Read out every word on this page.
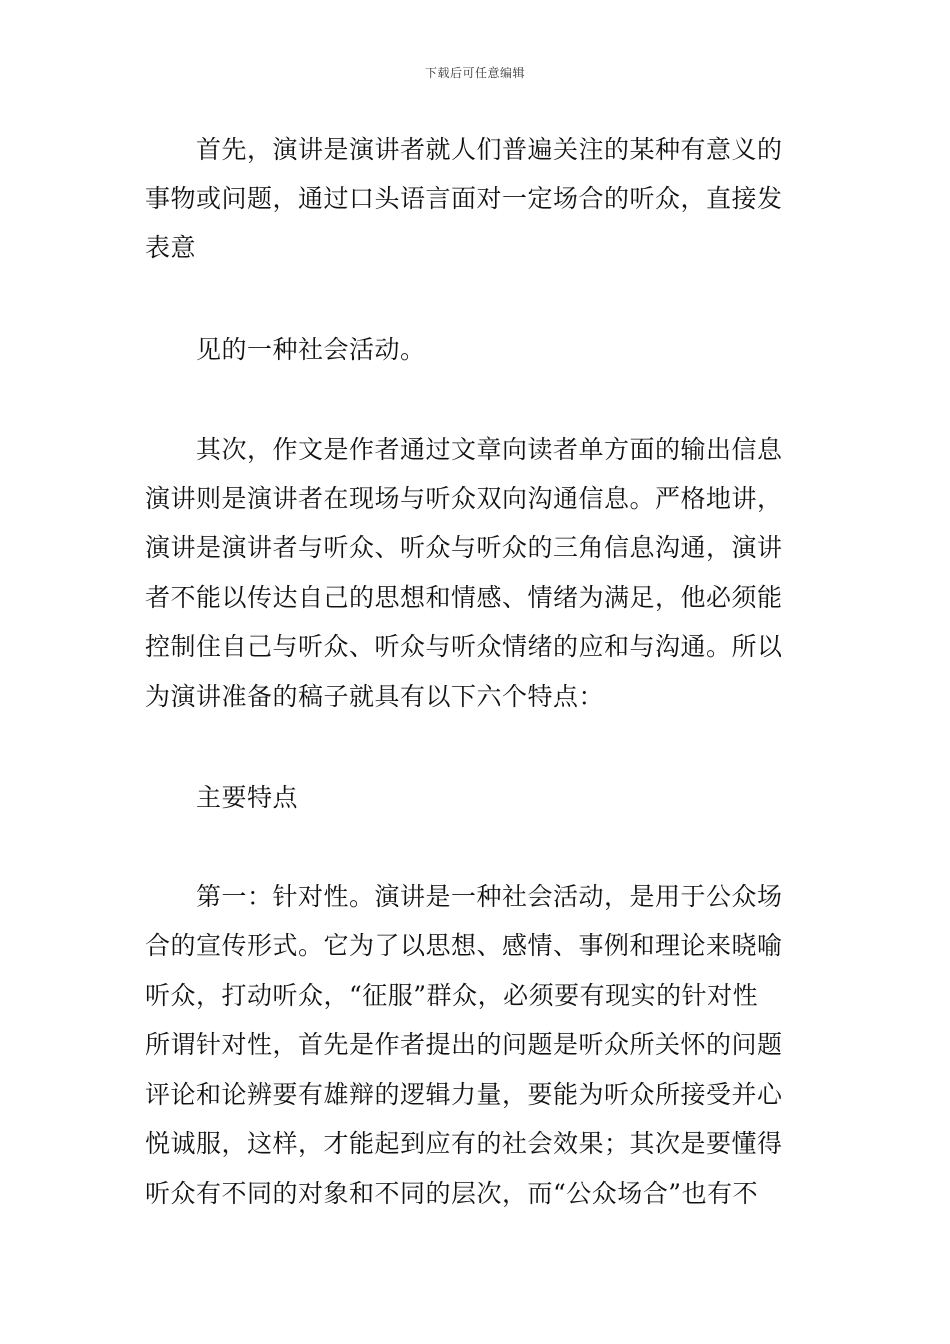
下载后可任意编辑
首先，演讲是演讲者就人们普遍关注的某种有意义的
事物或问题，通过口头语言面对一定场合的听众，直接发
表意
见的一种社会活动。
其次，作文是作者通过文章向读者单方面的输出信息
演讲则是演讲者在现场与听众双向沟通信息。严格地讲，
演讲是演讲者与听众、听众与听众的三角信息沟通，演讲
者不能以传达自己的思想和情感、情绪为满足，他必须能
控制住自己与听众、听众与听众情绪的应和与沟通。所以
为演讲准备的稿子就具有以下六个特点：
主要特点
第一：针对性。演讲是一种社会活动，是用于公众场
合的宣传形式。它为了以思想、感情、事例和理论来晓喻
听众，打动听众，“征服”群众，必须要有现实的针对性
所谓针对性，首先是作者提出的问题是听众所关怀的问题
评论和论辨要有雄辩的逻辑力量，要能为听众所接受并心
悦诚服，这样，才能起到应有的社会效果；其次是要懂得
听众有不同的对象和不同的层次，而“公众场合”也有不
